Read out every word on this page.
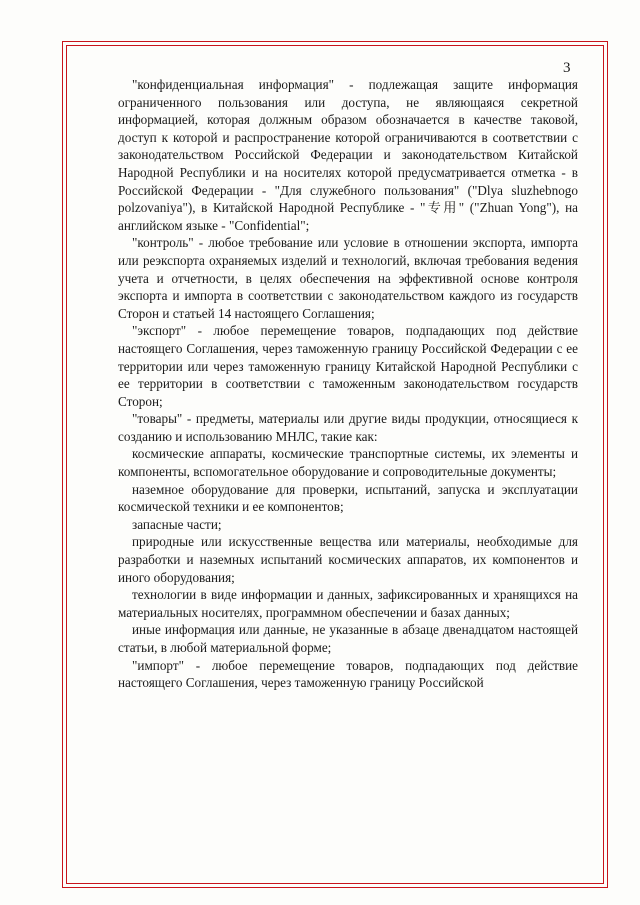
3

"конфиденциальная информация" - подлежащая защите информация ограниченного пользования или доступа, не являющаяся секретной информацией, которая должным образом обозначается в качестве таковой, доступ к которой и распространение которой ограничиваются в соответствии с законодательством Российской Федерации и законодательством Китайской Народной Республики и на носителях которой предусматривается отметка - в Российской Федерации - "Для служебного пользования" ("Dlya sluzhebnogo polzovaniya"), в Китайской Народной Республике - "专用" ("Zhuan Yong"), на английском языке - "Confidential";

"контроль" - любое требование или условие в отношении экспорта, импорта или реэкспорта охраняемых изделий и технологий, включая требования ведения учета и отчетности, в целях обеспечения на эффективной основе контроля экспорта и импорта в соответствии с законодательством каждого из государств Сторон и статьей 14 настоящего Соглашения;

"экспорт" - любое перемещение товаров, подпадающих под действие настоящего Соглашения, через таможенную границу Российской Федерации с ее территории или через таможенную границу Китайской Народной Республики с ее территории в соответствии с таможенным законодательством государств Сторон;

"товары" - предметы, материалы или другие виды продукции, относящиеся к созданию и использованию МНЛС, такие как:

космические аппараты, космические транспортные системы, их элементы и компоненты, вспомогательное оборудование и сопроводительные документы;

наземное оборудование для проверки, испытаний, запуска и эксплуатации космической техники и ее компонентов;

запасные части;

природные или искусственные вещества или материалы, необходимые для разработки и наземных испытаний космических аппаратов, их компонентов и иного оборудования;

технологии в виде информации и данных, зафиксированных и хранящихся на материальных носителях, программном обеспечении и базах данных;

иные информация или данные, не указанные в абзаце двенадцатом настоящей статьи, в любой материальной форме;

"импорт" - любое перемещение товаров, подпадающих под действие настоящего Соглашения, через таможенную границу Российской
